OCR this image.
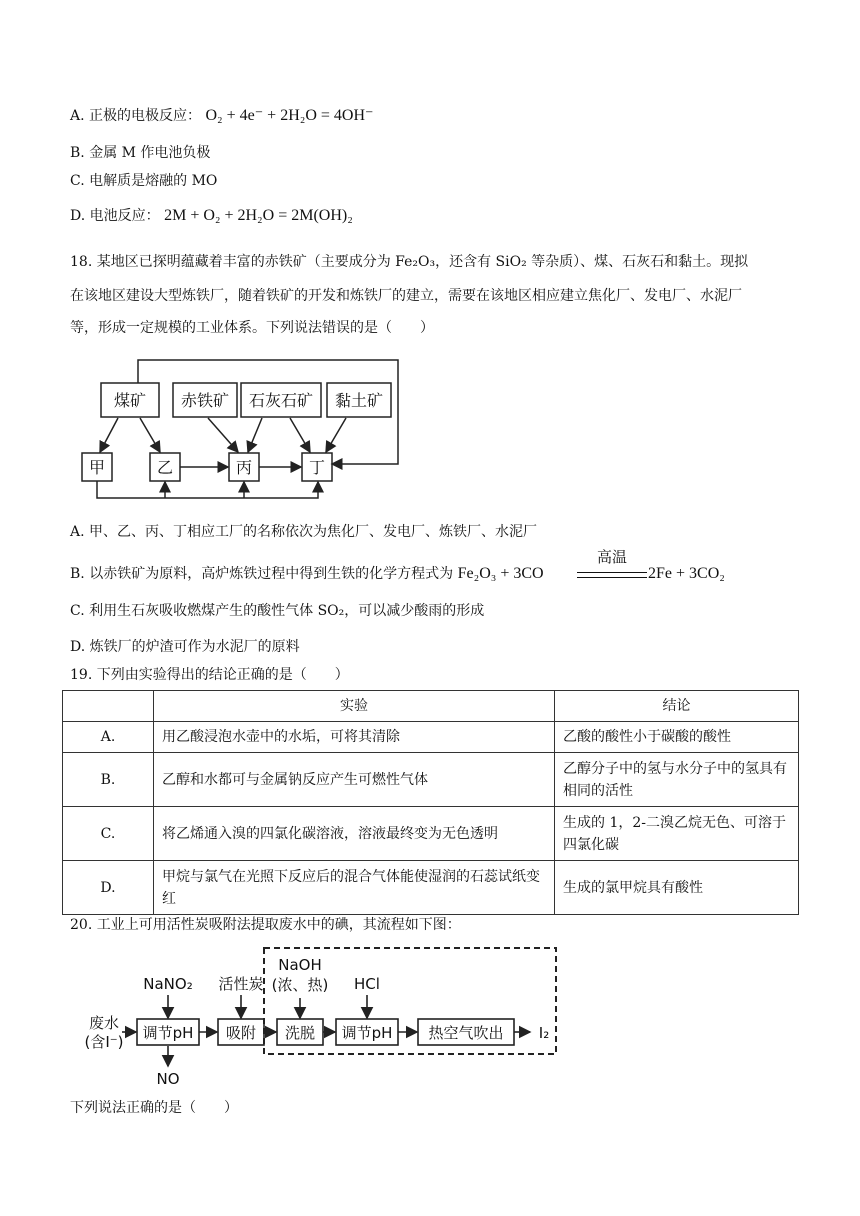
A. 正极的电极反应： O₂ + 4e⁻ + 2H₂O = 4OH⁻
B. 金属 M 作电池负极
C. 电解质是熔融的 MO
D. 电池反应： 2M + O₂ + 2H₂O = 2M(OH)₂
18. 某地区已探明蕴藏着丰富的赤铁矿（主要成分为 Fe₂O₃，还含有 SiO₂ 等杂质）、煤、石灰石和黏土。现拟
在该地区建设大型炼铁厂，随着铁矿的开发和炼铁厂的建立，需要在该地区相应建立焦化厂、发电厂、水泥厂
等，形成一定规模的工业体系。下列说法错误的是（　　）
煤矿 赤铁矿 石灰石矿 黏土矿
甲	乙	丙	丁
A. 甲、乙、丙、丁相应工厂的名称依次为焦化厂、发电厂、炼铁厂、水泥厂
B. 以赤铁矿为原料，高炉炼铁过程中得到生铁的化学方程式为 Fe₂O₃ + 3CO
高温
2Fe + 3CO₂
C. 利用生石灰吸收燃煤产生的酸性气体 SO₂，可以减少酸雨的形成
D. 炼铁厂的炉渣可作为水泥厂的原料
19. 下列由实验得出的结论正确的是（　　）
	实验	结论
A.	用乙酸浸泡水壶中的水垢，可将其清除	乙酸的酸性小于碳酸的酸性
B.	乙醇和水都可与金属钠反应产生可燃性气体	乙醇分子中的氢与水分子中的氢具有相同的活性
C.	将乙烯通入溴的四氯化碳溶液，溶液最终变为无色透明	生成的 1，2-二溴乙烷无色、可溶于四氯化碳
D.	甲烷与氯气在光照下反应后的混合气体能使湿润的石蕊试纸变红	生成的氯甲烷具有酸性
20. 工业上可用活性炭吸附法提取废水中的碘，其流程如下图：
废水
(含I⁻)
NaNO₂ 活性炭
NaOH
(浓、热) HCl
NO
调节pH 吸附 洗脱 调节pH 热空气吹出 I₂
下列说法正确的是（　　）
